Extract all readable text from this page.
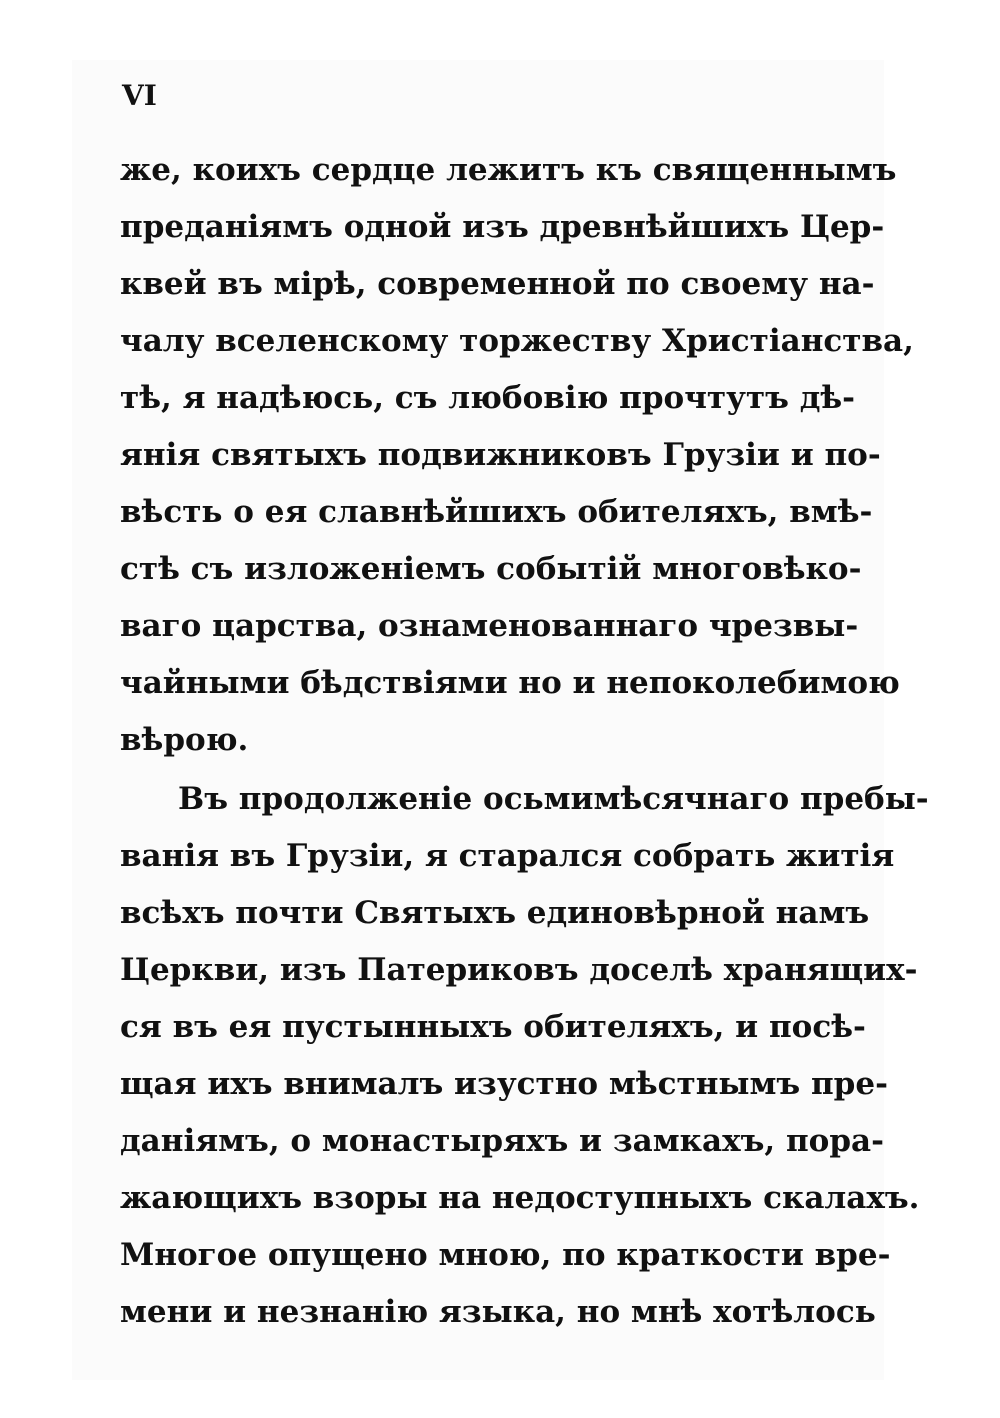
VI
же, коихъ сердце лежитъ къ священнымъ
преданіямъ одной изъ древнѣйшихъ Цер-
квей въ мірѣ, современной по своему на-
чалу вселенскому торжеству Христіанства,
тѣ, я надѣюсь, съ любовію прочтутъ дѣ-
янія святыхъ подвижниковъ Грузіи и по-
вѣсть о ея славнѣйшихъ обителяхъ, вмѣ-
стѣ съ изложеніемъ событій многовѣко-
ваго царства, ознаменованнаго чрезвы-
чайными бѣдствіями но и непоколебимою
вѣрою.
Въ продолженіе осьмимѣсячнаго пребы-
ванія въ Грузіи, я старался собрать житія
всѣхъ почти Святыхъ единовѣрной намъ
Церкви, изъ Патериковъ доселѣ хранящих-
ся въ ея пустынныхъ обителяхъ, и посѣ-
щая ихъ внималъ изустно мѣстнымъ пре-
даніямъ, о монастыряхъ и замкахъ, пора-
жающихъ взоры на недоступныхъ скалахъ.
Многое опущено мною, по краткости вре-
мени и незнанію языка, но мнѣ хотѣлось
